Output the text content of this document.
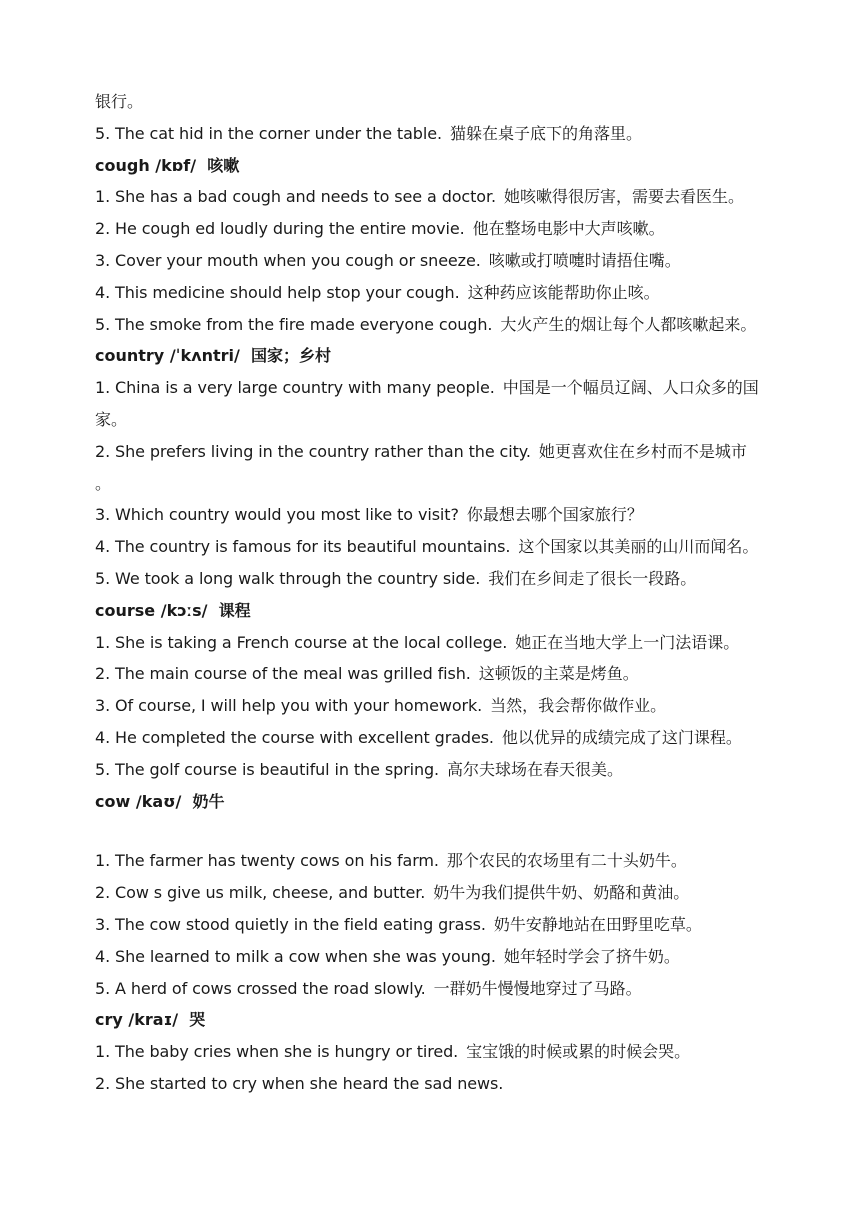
银行。
5. The cat hid in the corner under the table. 猫躲在桌子底下的角落里。
cough /kɒf/ 咳嗽
1. She has a bad cough and needs to see a doctor. 她咳嗽得很厉害，需要去看医生。
2. He cough ed loudly during the entire movie. 他在整场电影中大声咳嗽。
3. Cover your mouth when you cough or sneeze. 咳嗽或打喷嚏时请捂住嘴。
4. This medicine should help stop your cough. 这种药应该能帮助你止咳。
5. The smoke from the fire made everyone cough. 大火产生的烟让每个人都咳嗽起来。
country /ˈkʌntri/ 国家；乡村
1. China is a very large country with many people. 中国是一个幅员辽阔、人口众多的国
家。
2. She prefers living in the country rather than the city. 她更喜欢住在乡村而不是城市
。
3. Which country would you most like to visit? 你最想去哪个国家旅行？
4. The country is famous for its beautiful mountains. 这个国家以其美丽的山川而闻名。
5. We took a long walk through the country side. 我们在乡间走了很长一段路。
course /kɔːs/ 课程
1. She is taking a French course at the local college. 她正在当地大学上一门法语课。
2. The main course of the meal was grilled fish. 这顿饭的主菜是烤鱼。
3. Of course, I will help you with your homework. 当然，我会帮你做作业。
4. He completed the course with excellent grades. 他以优异的成绩完成了这门课程。
5. The golf course is beautiful in the spring. 高尔夫球场在春天很美。
cow /kaʊ/ 奶牛
1. The farmer has twenty cows on his farm. 那个农民的农场里有二十头奶牛。
2. Cow s give us milk, cheese, and butter. 奶牛为我们提供牛奶、奶酪和黄油。
3. The cow stood quietly in the field eating grass. 奶牛安静地站在田野里吃草。
4. She learned to milk a cow when she was young. 她年轻时学会了挤牛奶。
5. A herd of cows crossed the road slowly. 一群奶牛慢慢地穿过了马路。
cry /kraɪ/ 哭
1. The baby cries when she is hungry or tired. 宝宝饿的时候或累的时候会哭。
2. She started to cry when she heard the sad news.
